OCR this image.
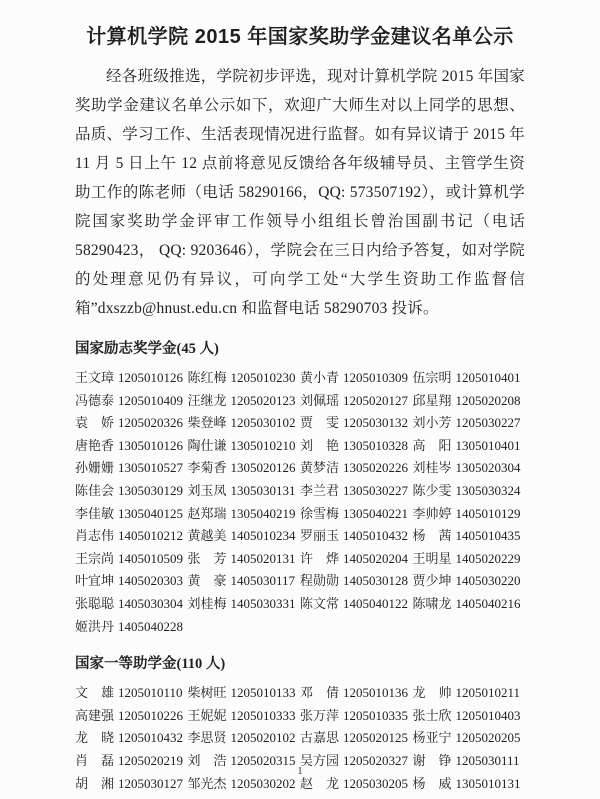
计算机学院 2015 年国家奖助学金建议名单公示

经各班级推选，学院初步评选，现对计算机学院 2015 年国家奖助学金建议名单公示如下，欢迎广大师生对以上同学的思想、品质、学习工作、生活表现情况进行监督。如有异议请于 2015 年 11 月 5 日上午 12 点前将意见反馈给各年级辅导员、主管学生资助工作的陈老师（电话 58290166，QQ: 573507192），或计算机学院国家奖助学金评审工作领导小组组长曾治国副书记（电话 58290423， QQ: 9203646），学院会在三日内给予答复，如对学院的处理意见仍有异议，可向学工处“大学生资助工作监督信箱”dxszzb@hnust.edu.cn 和监督电话 58290703 投诉。

国家励志奖学金(45 人)
王文璋 1205010126 陈红梅 1205010230 黄小青 1205010309 伍宗明 1205010401
冯德泰 1205010409 汪继龙 1205020123 刘佩瑶 1205020127 邱星翔 1205020208
袁　娇 1205020326 柴登峰 1205030102 贾　雯 1205030132 刘小芳 1205030227
唐艳香 1305010126 陶仕谦 1305010210 刘　艳 1305010328 高　阳 1305010401
孙姗姗 1305010527 李菊香 1305020126 黄梦洁 1305020226 刘桂岑 1305020304
陈佳会 1305030129 刘玉凤 1305030131 李兰君 1305030227 陈少雯 1305030324
李佳敏 1305040125 赵郑瑞 1305040219 徐雪梅 1305040221 李帅婷 1405010129
肖志伟 1405010212 黄越美 1405010234 罗丽玉 1405010432 杨　茜 1405010435
王宗尚 1405010509 张　芳 1405020131 许　烨 1405020204 王明星 1405020229
叶宜坤 1405020303 黄　豪 1405030117 程勋勋 1405030128 贾少坤 1405030220
张聪聪 1405030304 刘桂梅 1405030331 陈文常 1405040122 陈啸龙 1405040216
姬洪丹 1405040228
国家一等助学金(110 人)
文　雄 1205010110 柴树旺 1205010133 邓　倩 1205010136 龙　帅 1205010211
高建强 1205010226 王妮妮 1205010333 张万萍 1205010335 张士欣 1205010403
龙　晓 1205010432 李思贤 1205020102 古嘉思 1205020125 杨亚宁 1205020205
肖　磊 1205020219 刘　浩 1205020315 吴方园 1205020327 谢　铮 1205030111
胡　湘 1205030127 邹光杰 1205030202 赵　龙 1205030205 杨　威 1305010131
1
